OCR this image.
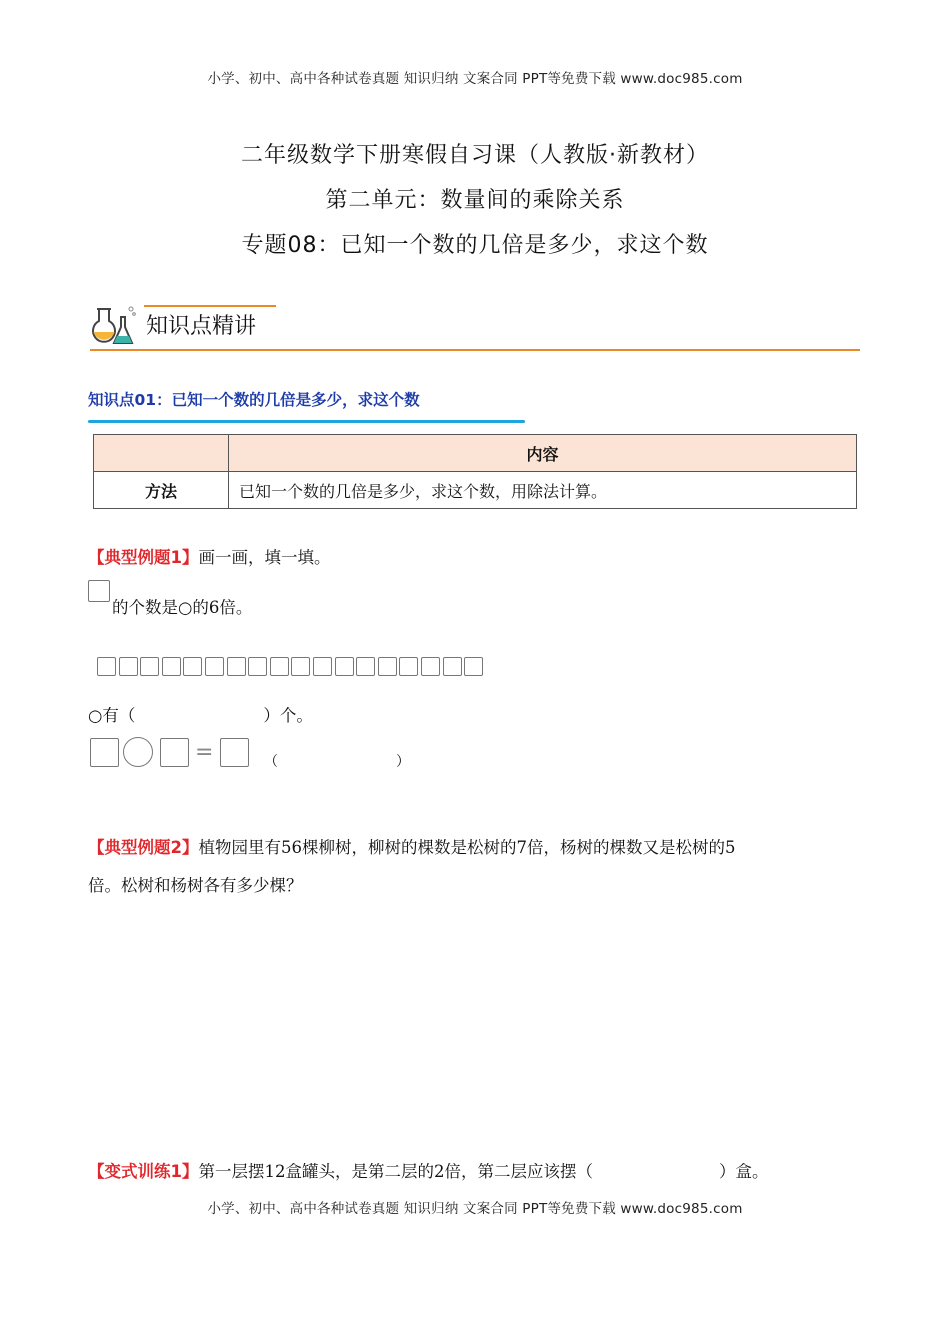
小学、初中、高中各种试卷真题 知识归纳 文案合同 PPT等免费下载 www.doc985.com
二年级数学下册寒假自习课（人教版·新教材）
第二单元：数量间的乘除关系
专题08：已知一个数的几倍是多少，求这个数
知识点精讲
知识点01：已知一个数的几倍是多少，求这个数
	内容
方法	已知一个数的几倍是多少，求这个数，用除法计算。
【典型例题1】画一画，填一填。
的个数是○的6倍。
○有（	）个。
=	（	）
【典型例题2】植物园里有56棵柳树，柳树的棵数是松树的7倍，杨树的棵数又是松树的5
倍。松树和杨树各有多少棵？
【变式训练1】第一层摆12盒罐头，是第二层的2倍，第二层应该摆（	）盒。
小学、初中、高中各种试卷真题 知识归纳 文案合同 PPT等免费下载 www.doc985.com
